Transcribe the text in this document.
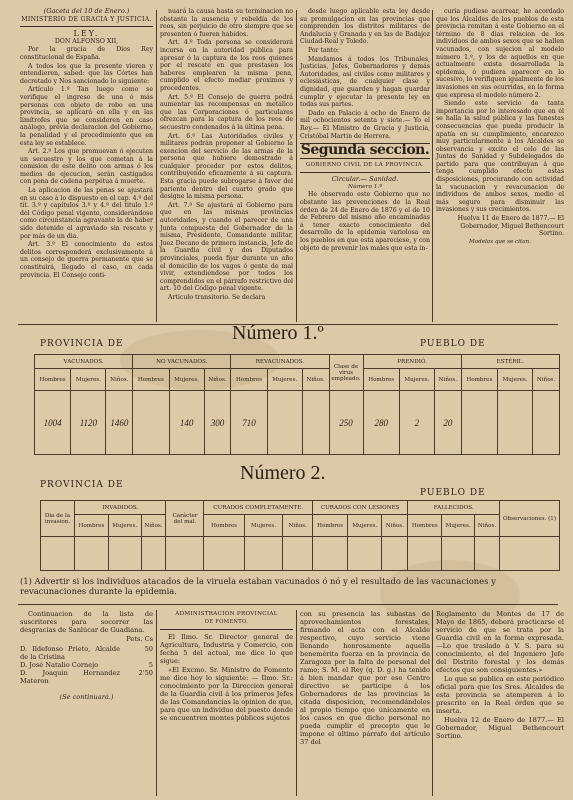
(Gaceta del 10 de Enero.)
MINISTERIO DE GRACIA Y JUSTICIA.
LEY.

DON ALFONSO XII,

Por la gracia de Dios Rey constitucional de España.

A todos los que la presente vieren y entendieren, sabed: que las Córtes han decretado y Nos sancionado lo siguiente:

Artículo 1.º Tan luego como se verifique el ingreso de una ó más personas con objeto de robo en una provincia, se aplicará en ella y en las limítrofes que se consideren en caso análogo, prévia declaracion del Gobierno, la penalidad y el procedimiento que en esta ley se establece.

Art. 2.º Los que promuevan ó ejecuten un secuestro y los que cometan á la comision de este delito con armas ó los medios de ejecucion, serán castigados con pena de cadena perpétua á muerte.

La aplicacion de las penas se ajustará en su caso á lo dispuesto en el cap. 4.º del tít. 3.º y capítulos 3.º y 4.º del titulo 1.º del Código penal vigente, considerándose como circunstancia agravante la de haber sido detenido el agraviado sin rescate y por más de un dia.

Art. 3.º El conocimiento de estos delitos corresponderá exclusivamente á un consejo de guerra permanente que se constituirá, llegado el caso, en cada provincia. El Consejo conti-

nuará la causa hasta su terminacion no obstante la ausencia y rebeldía de los reos, sin perjuicio de otro siempre que se presenten ó fueren habidos.

Art. 4.º Toda persona se considerará incursa en la autoridad pública para apresar ó la captura de los reos quienes por el rescate en que prestasen los haberes emplearen la misma pena, cumplido el efecto mediar proximos y procedentes.

Art. 5.º El Consejo de guerra podrá aumentar las recompensas en metálico que las Corporaciones ó particulares ofrezcan para la captura de los reos de secuestro condenados á la última pena.

Art. 6.º Las Autoridades civiles y militares podrán proponer al Gobierno la exencion del servicio de las armas de la persona que hubiere demostrado á cualquier proceder por estos delitos, contribuyendo eficazmente á su captura. Esta gracia puede subrogarse á favor del pariente dentro del cuarto grado que designe la misma persona.

Art. 7.º Se ajustará al Gobierno para que en las mismas provincias autoridades, y cuando el parecer de una Junta compuesta del Gobernador de la misma, Presidente, Comandante militar, Juez Decano de primera instancia, Jefe de la Guardia civil y dos Diputados provinciales, pueda fijar durante un año el domicilio de los vagos ó gente de mal vivir, extendiéndose por todos los comprendidos en el párrafo restrictivo del art. 10 del Código penal vigente.

Artículo transitorio. Se declara

desde luego aplicable esta ley desde su promulgacion en las provincias que comprenden los distritos militares de Andalucía y Granada y en las de Badajoz Ciudad-Real y Toledo.

Por tanto:

Mandamos á todos los Tribunales, Justicias, Jefes, Gobernadores y demás Autoridades, así civiles como militares y eclesiásticas, de cualquier clase y dignidad, que guarden y hagan guardar cumplir y ejecutar la presente ley en todas sus partes.

Dado en Palacio á ocho de Enero de mil ochocientos setenta y siete.— Yo el Rey.— El Ministro de Gracia y Justicia, Cristóbal Martin de Herrera.

Segunda seccion.
GOBIERNO CIVIL DE LA PROVINCIA.
Circular.— Sanidad.
Número 1.º

He observado este Gobierno que no obstante las prevenciones de la Real órden de 24 de Enero de 1876 y el de 10 de Febrero del mismo año encaminadas á tener exacto conocimiento del desarrollo de la epidemia variolosa en los pueblos en que esta apareciese, y con objeto de prevenir los males que esta in-

curia pudiese acarrear, he acordado que los Alcaldes de los pueblos de esta provincia remitan á este Gobierno en el término de 8 dias relacion de los individuos de ambos sexos que se hallen vacunados, con sujecion al modelo número 1.º, y los de aquellos en que actualmente exista desarrollada la epidemia, ó pudiera aparecer en lo sucesivo, lo verifiquen igualmente de los invasiones en sus ocurridas, en la forma que expresa el modelo número 2.

Siendo este servicio de tanta importancia por lo interesado que en él se halla la salud pública y las funestas consecuencias que pueda producir la apatía en su cumplimiento, encarezco muy particularmente á los Alcaldes se observancia y excito el celo de las Juntas de Sanidad y Subdelegados de partido para que contribuyan á que tenga cumplido efecto estas disposiciones, procurando con actividad la vacunacion y revacunacion de individuos de ambos sexos, medio el más seguro para disminuir las invasiones y sus crecimientos.

Huelva 11 de Enero de 1877.— El Gobernador, Miguel Bethencourt Sortino.

Modelos que se citan.
Número 1.º
PROVINCIA DE	PUEBLO DE
VACUNADOS.			NO VACUNADOS.			REVACUNADOS.			Clase de virus empleado.	PRENDIÓ.			ESTÉRIL.		
Hombres	Mujeres.	Niños.	Hombres	Mujeres.	Niños.	Hombres	Mujeres.	Niños.		Hombres	Mujeres.	Niños.	Hombres	Mujeres.	Niños.
1004	1120	1460		140	300	710			250	280	2	20			
Número 2.
PROVINCIA DE
PUEBLO DE
Dia de la invasion.	INVADIDOS.			Carácter del mal.	CURADOS COMPLETAMENTE.			CURADOS CON LESIONES			FALLECIDOS.			Observaciones. (1)
	Hombres	Mujeres.	Niños.		Hombres	Mujeres.	Niños.	Hombres	Mujeres.	Niños.	Hombres	Mujeres.	Niños.	

(1) Advertir si los individuos atacados de la viruela estaban vacunados ó nó y el resultado de las vacunaciones y revacunaciones durante la epidemia.

Continuacion de la lista de suscritores para socorrer las desgracias de Sanlúcar de Guadiana.

Pets. Cs
D. Ildefonso Prieto, Alcalde de la Cristina
50
D. José Natalio Cornejo	5
D. Joaquin Hernandez Materon
2'50
(Se continuará.)
ADMINISTRACION PROVINCIAL
DE FOMENTO.

El Ilmo. Sr. Director general de Agricultura, Industria y Comercio, con fecha 5 del actual, me dice lo que sigue:

«El Excmo. Sr. Ministro de Fomento me dice hoy lo siguiente: — Ilmo. Sr.: conocimiento por la Direccion general de la Guardia civil á los primeros Jefes de las Comandancias la opinion de que, para que un individuo del puesto donde se encuentren montes públicos sujetos

con su presencia las subastas de aprovechamientos forestales, firmando el acta con el Alcalde respectivo, cuyo servicio viene llenando honrosamente aquella benemérita fuerza en la provincia de Zaragoza por la falta de personal del ramo; S. M. el Rey (q. D. g.) ha tenido á bien mandar que por ese Centro directivo se participe á los Gobernadores de las provincias la citada disposicion, recomendándoles al propio tiempo que únicamente en los casos en que dicho personal no pueda cumplir el precepto que le impone el último párrafo del artículo 37 del

Reglamento de Montes de 17 de Mayo de 1865, deberá practicarse el servicio de que se trata por la Guardia civil en la forma expresada. —Lo que traslado á V. S. para su conocimiento, el del Ingeniero Jefe del Distrito forestal y los demás efectos que son consiguientes.»

Lo que se publica en este periódico oficial para que los Sres. Alcaldes de esta provincia se atemperen á lo prescrito en la Real órden que se inserta.

Huelva 12 de Enero de 1877.— El Gobernador, Miguel Bethencourt Sortino.
